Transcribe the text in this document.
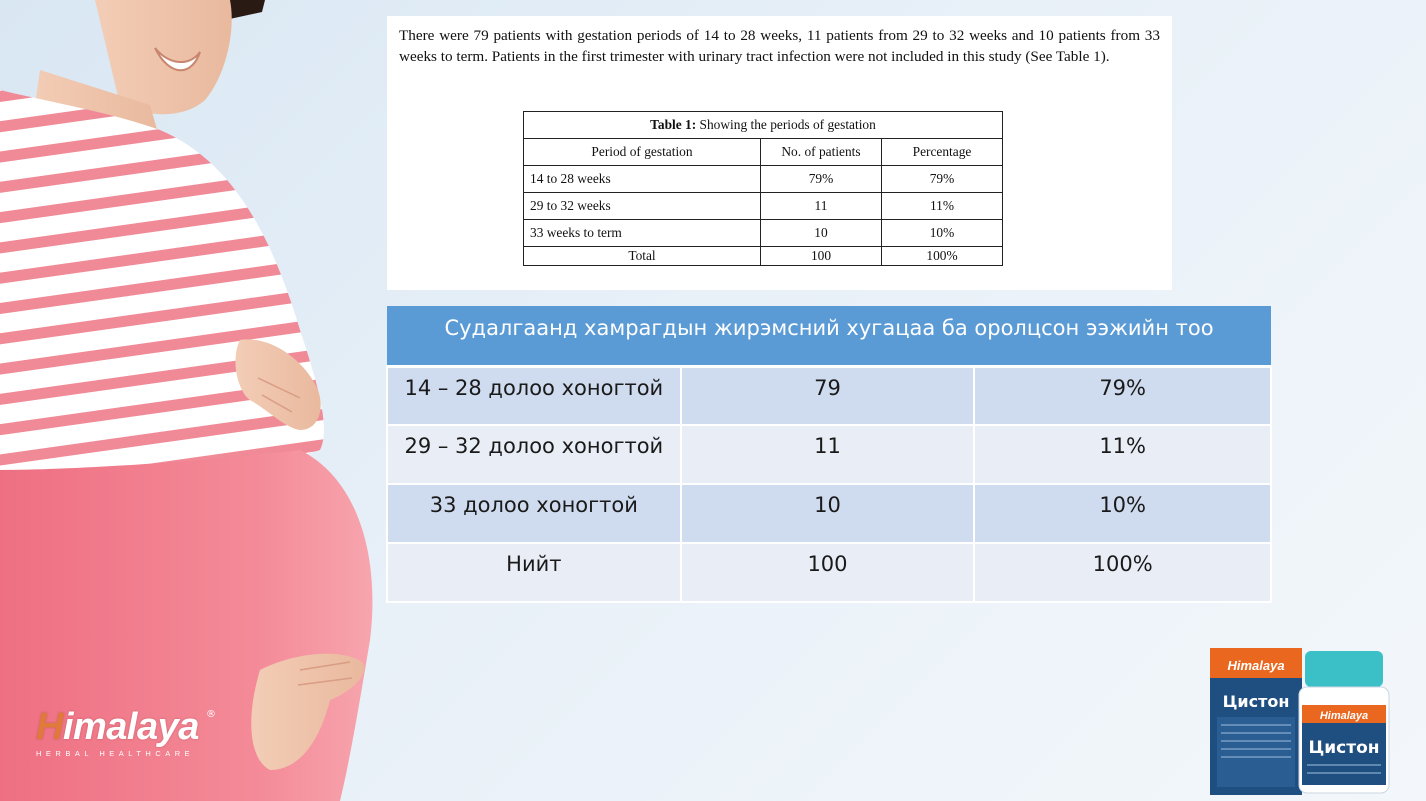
There were 79 patients with gestation periods of 14 to 28 weeks, 11 patients from 29 to 32 weeks and 10 patients from 33 weeks to term. Patients in the first trimester with urinary tract infection were not included in this study (See Table 1).

Table 1: Showing the periods of gestation		
Period of gestation	No. of patients	Percentage
14 to 28 weeks	79%	79%
29 to 32 weeks	11	11%
33 weeks to term	10	10%
Total	100	100%
Судалгаанд хамрагдын жирэмсний хугацаа ба оролцсон ээжийн тоо		
14 – 28 долоо хоногтой	79	79%
29 – 32 долоо хоногтой	11	11%
33 долоо хоногтой	10	10%
Нийт	100	100%
Himalaya
HERBAL HEALTHCARE
®
Himalaya
Цистон
Himalaya
Цистон
